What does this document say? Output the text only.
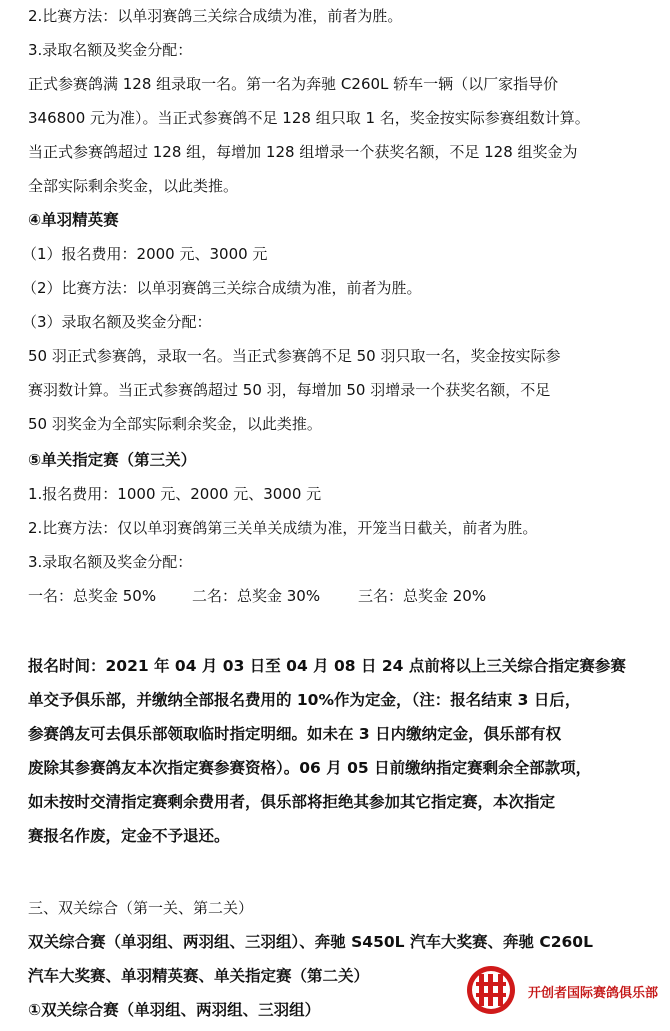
2.比赛方法：以单羽赛鸽三关综合成绩为准，前者为胜。
3.录取名额及奖金分配：
正式参赛鸽满 128 组录取一名。第一名为奔驰 C260L 轿车一辆（以厂家指导价
346800 元为准）。当正式参赛鸽不足 128 组只取 1 名，奖金按实际参赛组数计算。
当正式参赛鸽超过 128 组，每增加 128 组增录一个获奖名额，不足 128 组奖金为
全部实际剩余奖金，以此类推。
④单羽精英赛
（1）报名费用：2000 元、3000 元
（2）比赛方法：以单羽赛鸽三关综合成绩为准，前者为胜。
（3）录取名额及奖金分配：
50 羽正式参赛鸽，录取一名。当正式参赛鸽不足 50 羽只取一名，奖金按实际参
赛羽数计算。当正式参赛鸽超过 50 羽，每增加 50 羽增录一个获奖名额，不足
50 羽奖金为全部实际剩余奖金，以此类推。
⑤单关指定赛（第三关）
1.报名费用：1000 元、2000 元、3000 元
2.比赛方法：仅以单羽赛鸽第三关单关成绩为准，开笼当日截关，前者为胜。
3.录取名额及奖金分配：
一名：总奖金 50% 二名：总奖金 30%	三名：总奖金 20%
报名时间：2021 年 04 月 03 日至 04 月 08 日 24 点前将以上三关综合指定赛参赛
单交予俱乐部，并缴纳全部报名费用的 10%作为定金，（注：报名结束 3 日后，
参赛鸽友可去俱乐部领取临时指定明细。如未在 3 日内缴纳定金，俱乐部有权
废除其参赛鸽友本次指定赛参赛资格）。06 月 05 日前缴纳指定赛剩余全部款项，
如未按时交清指定赛剩余费用者，俱乐部将拒绝其参加其它指定赛，本次指定
赛报名作废，定金不予退还。
三、双关综合（第一关、第二关）
双关综合赛（单羽组、两羽组、三羽组）、奔驰 S450L 汽车大奖赛、奔驰 C260L
汽车大奖赛、单羽精英赛、单关指定赛（第二关）
①双关综合赛（单羽组、两羽组、三羽组）
开创者国际赛鸽俱乐部
